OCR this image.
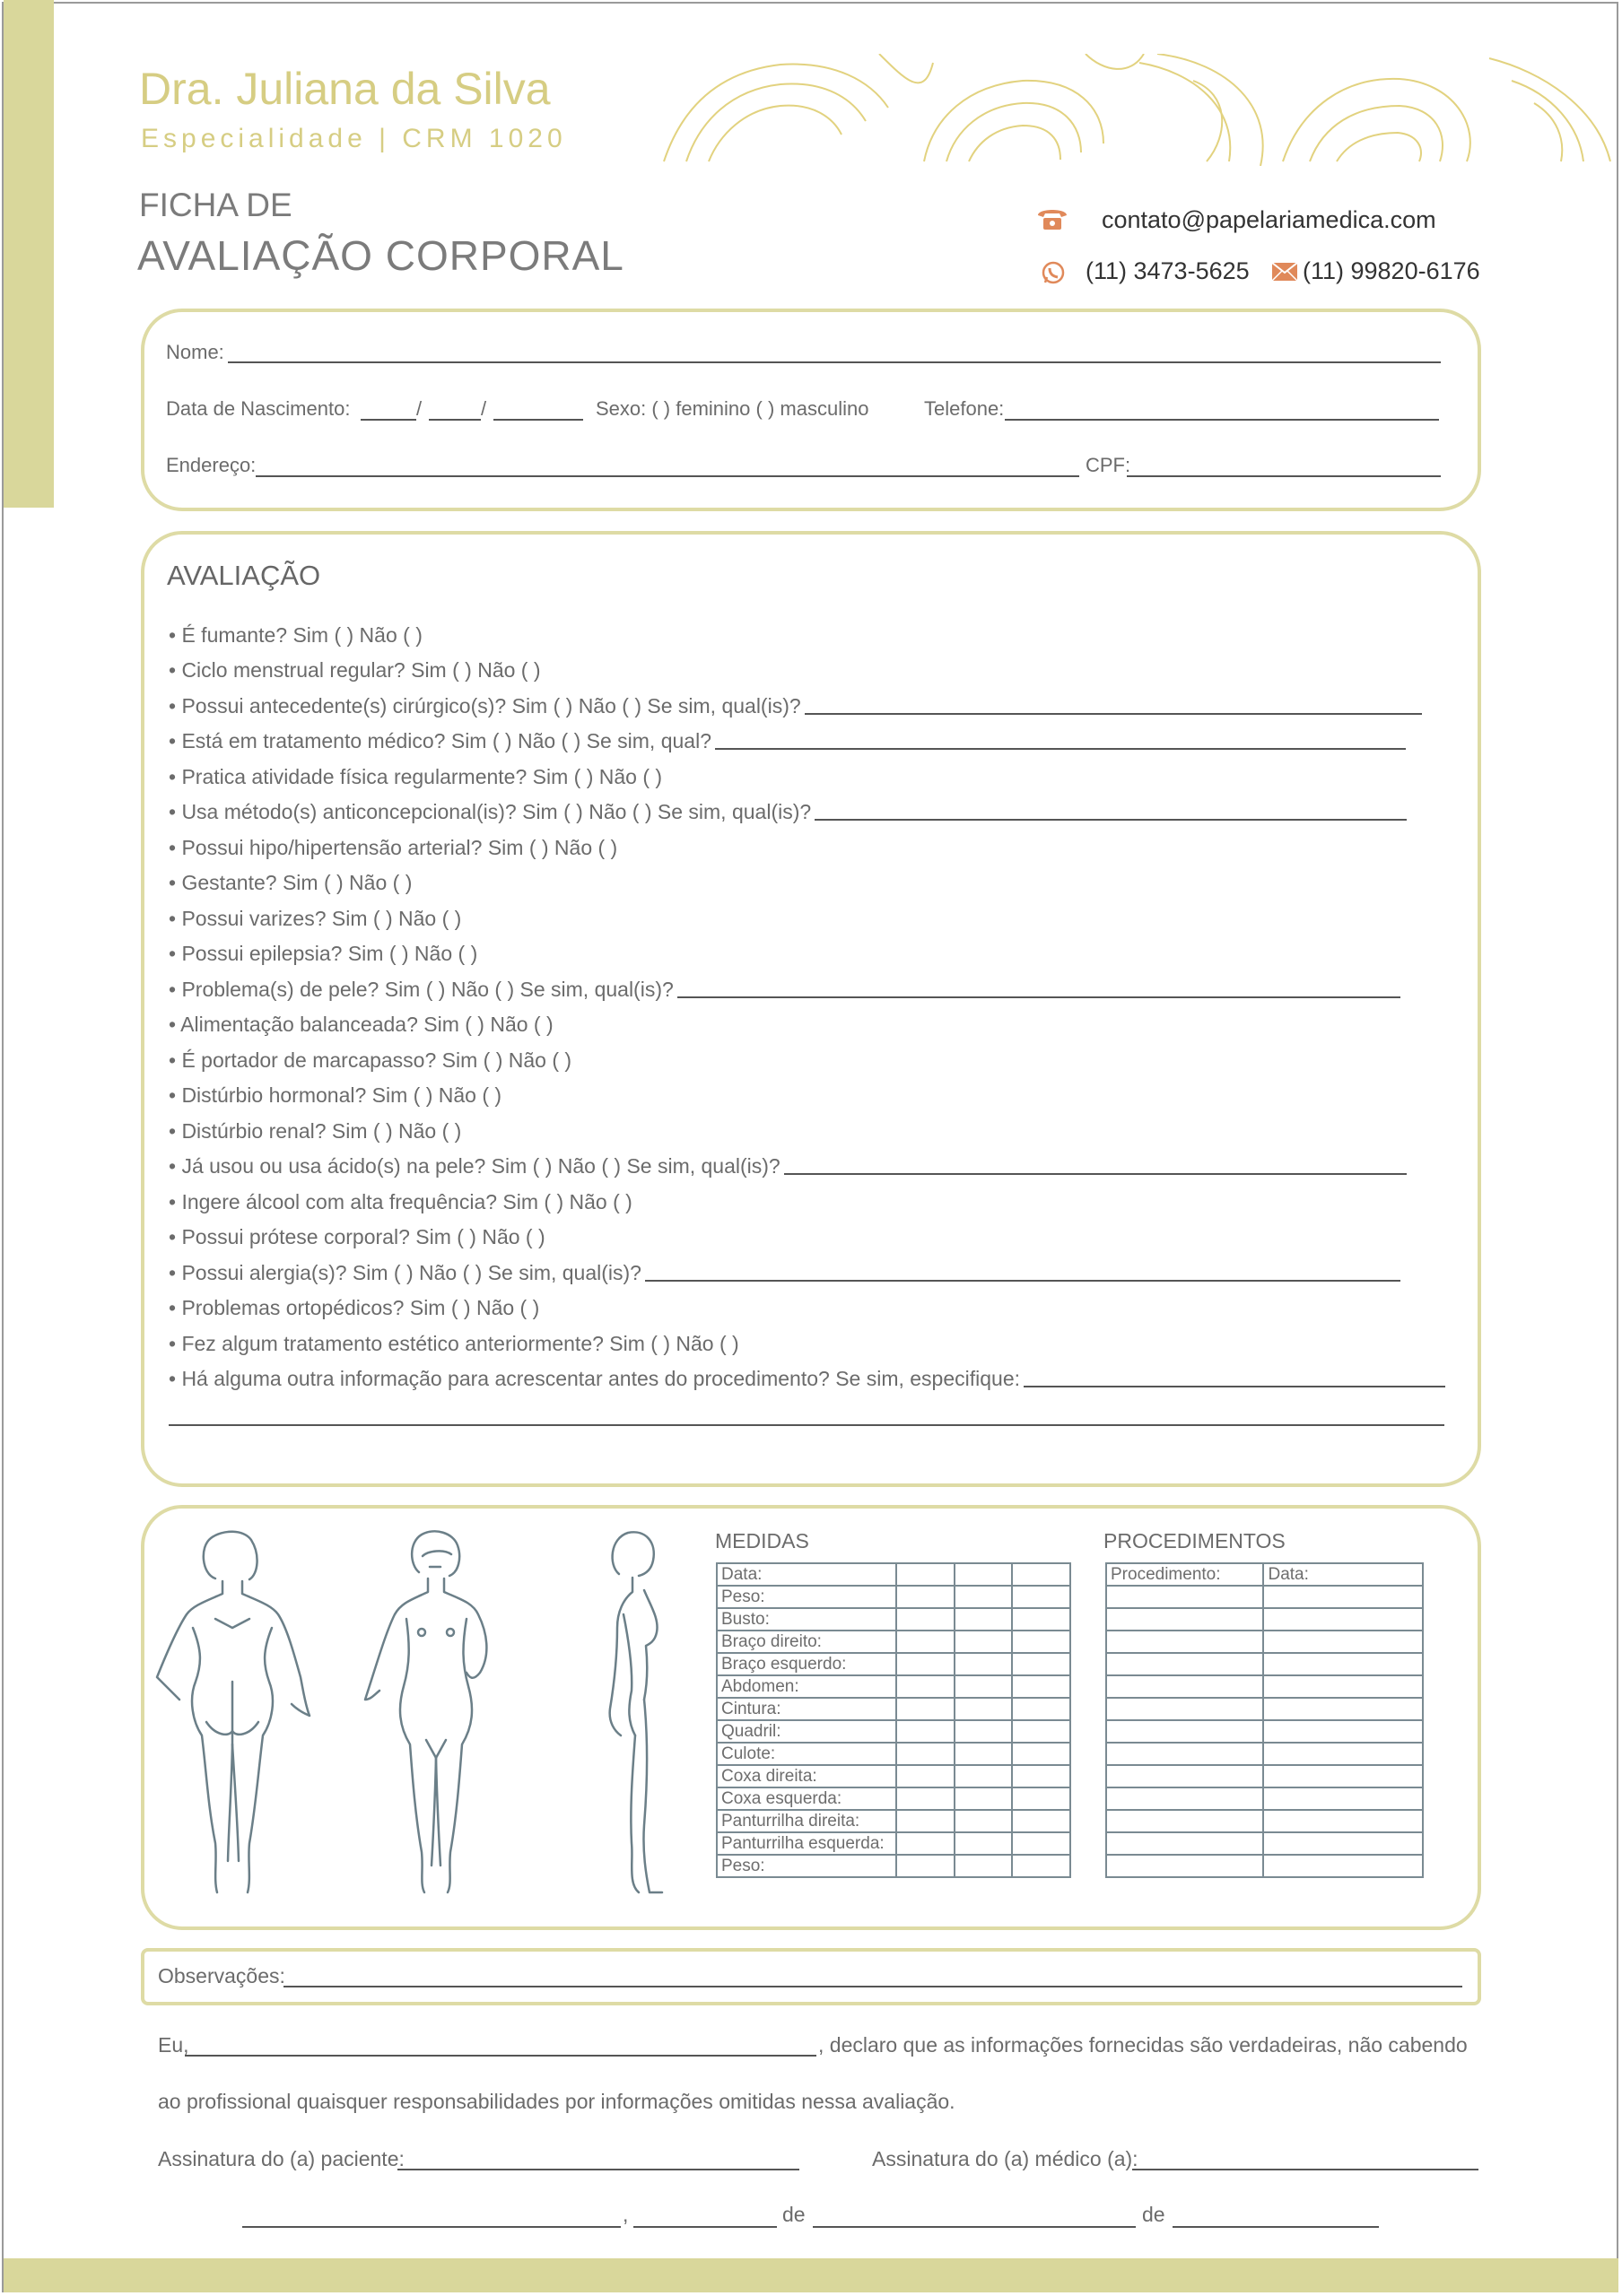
Dra. Juliana da Silva
Especialidade | CRM 1020
FICHA DE
AVALIAÇÃO CORPORAL
contato@papelariamedica.com
(11) 3473-5625 (11) 99820-6176
Nome:
Data de Nascimento:	/	/	Sexo: ( ) feminino ( ) masculino	Telefone:
Endereço:	CPF:
AVALIAÇÃO
• É fumante? Sim ( ) Não ( )
• Ciclo menstrual regular? Sim ( ) Não ( )
• Possui antecedente(s) cirúrgico(s)? Sim ( ) Não ( ) Se sim, qual(is)?
• Está em tratamento médico? Sim ( ) Não ( ) Se sim, qual?
• Pratica atividade física regularmente? Sim ( ) Não ( )
• Usa método(s) anticoncepcional(is)? Sim ( ) Não ( ) Se sim, qual(is)?
• Possui hipo/hipertensão arterial? Sim ( ) Não ( )
• Gestante? Sim ( ) Não ( )
• Possui varizes? Sim ( ) Não ( )
• Possui epilepsia? Sim ( ) Não ( )
• Problema(s) de pele? Sim ( ) Não ( ) Se sim, qual(is)?
• Alimentação balanceada? Sim ( ) Não ( )
• É portador de marcapasso? Sim ( ) Não ( )
• Distúrbio hormonal? Sim ( ) Não ( )
• Distúrbio renal? Sim ( ) Não ( )
• Já usou ou usa ácido(s) na pele? Sim ( ) Não ( ) Se sim, qual(is)?
• Ingere álcool com alta frequência? Sim ( ) Não ( )
• Possui prótese corporal? Sim ( ) Não ( )
• Possui alergia(s)? Sim ( ) Não ( ) Se sim, qual(is)?
• Problemas ortopédicos? Sim ( ) Não ( )
• Fez algum tratamento estético anteriormente? Sim ( ) Não ( )
• Há alguma outra informação para acrescentar antes do procedimento? Se sim, especifique:
MEDIDAS
Data:			
Peso:			
Busto:			
Braço direito:			
Braço esquerdo:			
Abdomen:			
Cintura:			
Quadril:			
Culote:			
Coxa direita:			
Coxa esquerda:			
Panturrilha direita:			
Panturrilha esquerda:			
Peso:			
PROCEDIMENTOS
Procedimento:	Data:

Observações:
Eu,	, declaro que as informações fornecidas são verdadeiras, não cabendo
ao profissional quaisquer responsabilidades por informações omitidas nessa avaliação.
Assinatura do (a) paciente:	Assinatura do (a) médico (a):
,	de	de
